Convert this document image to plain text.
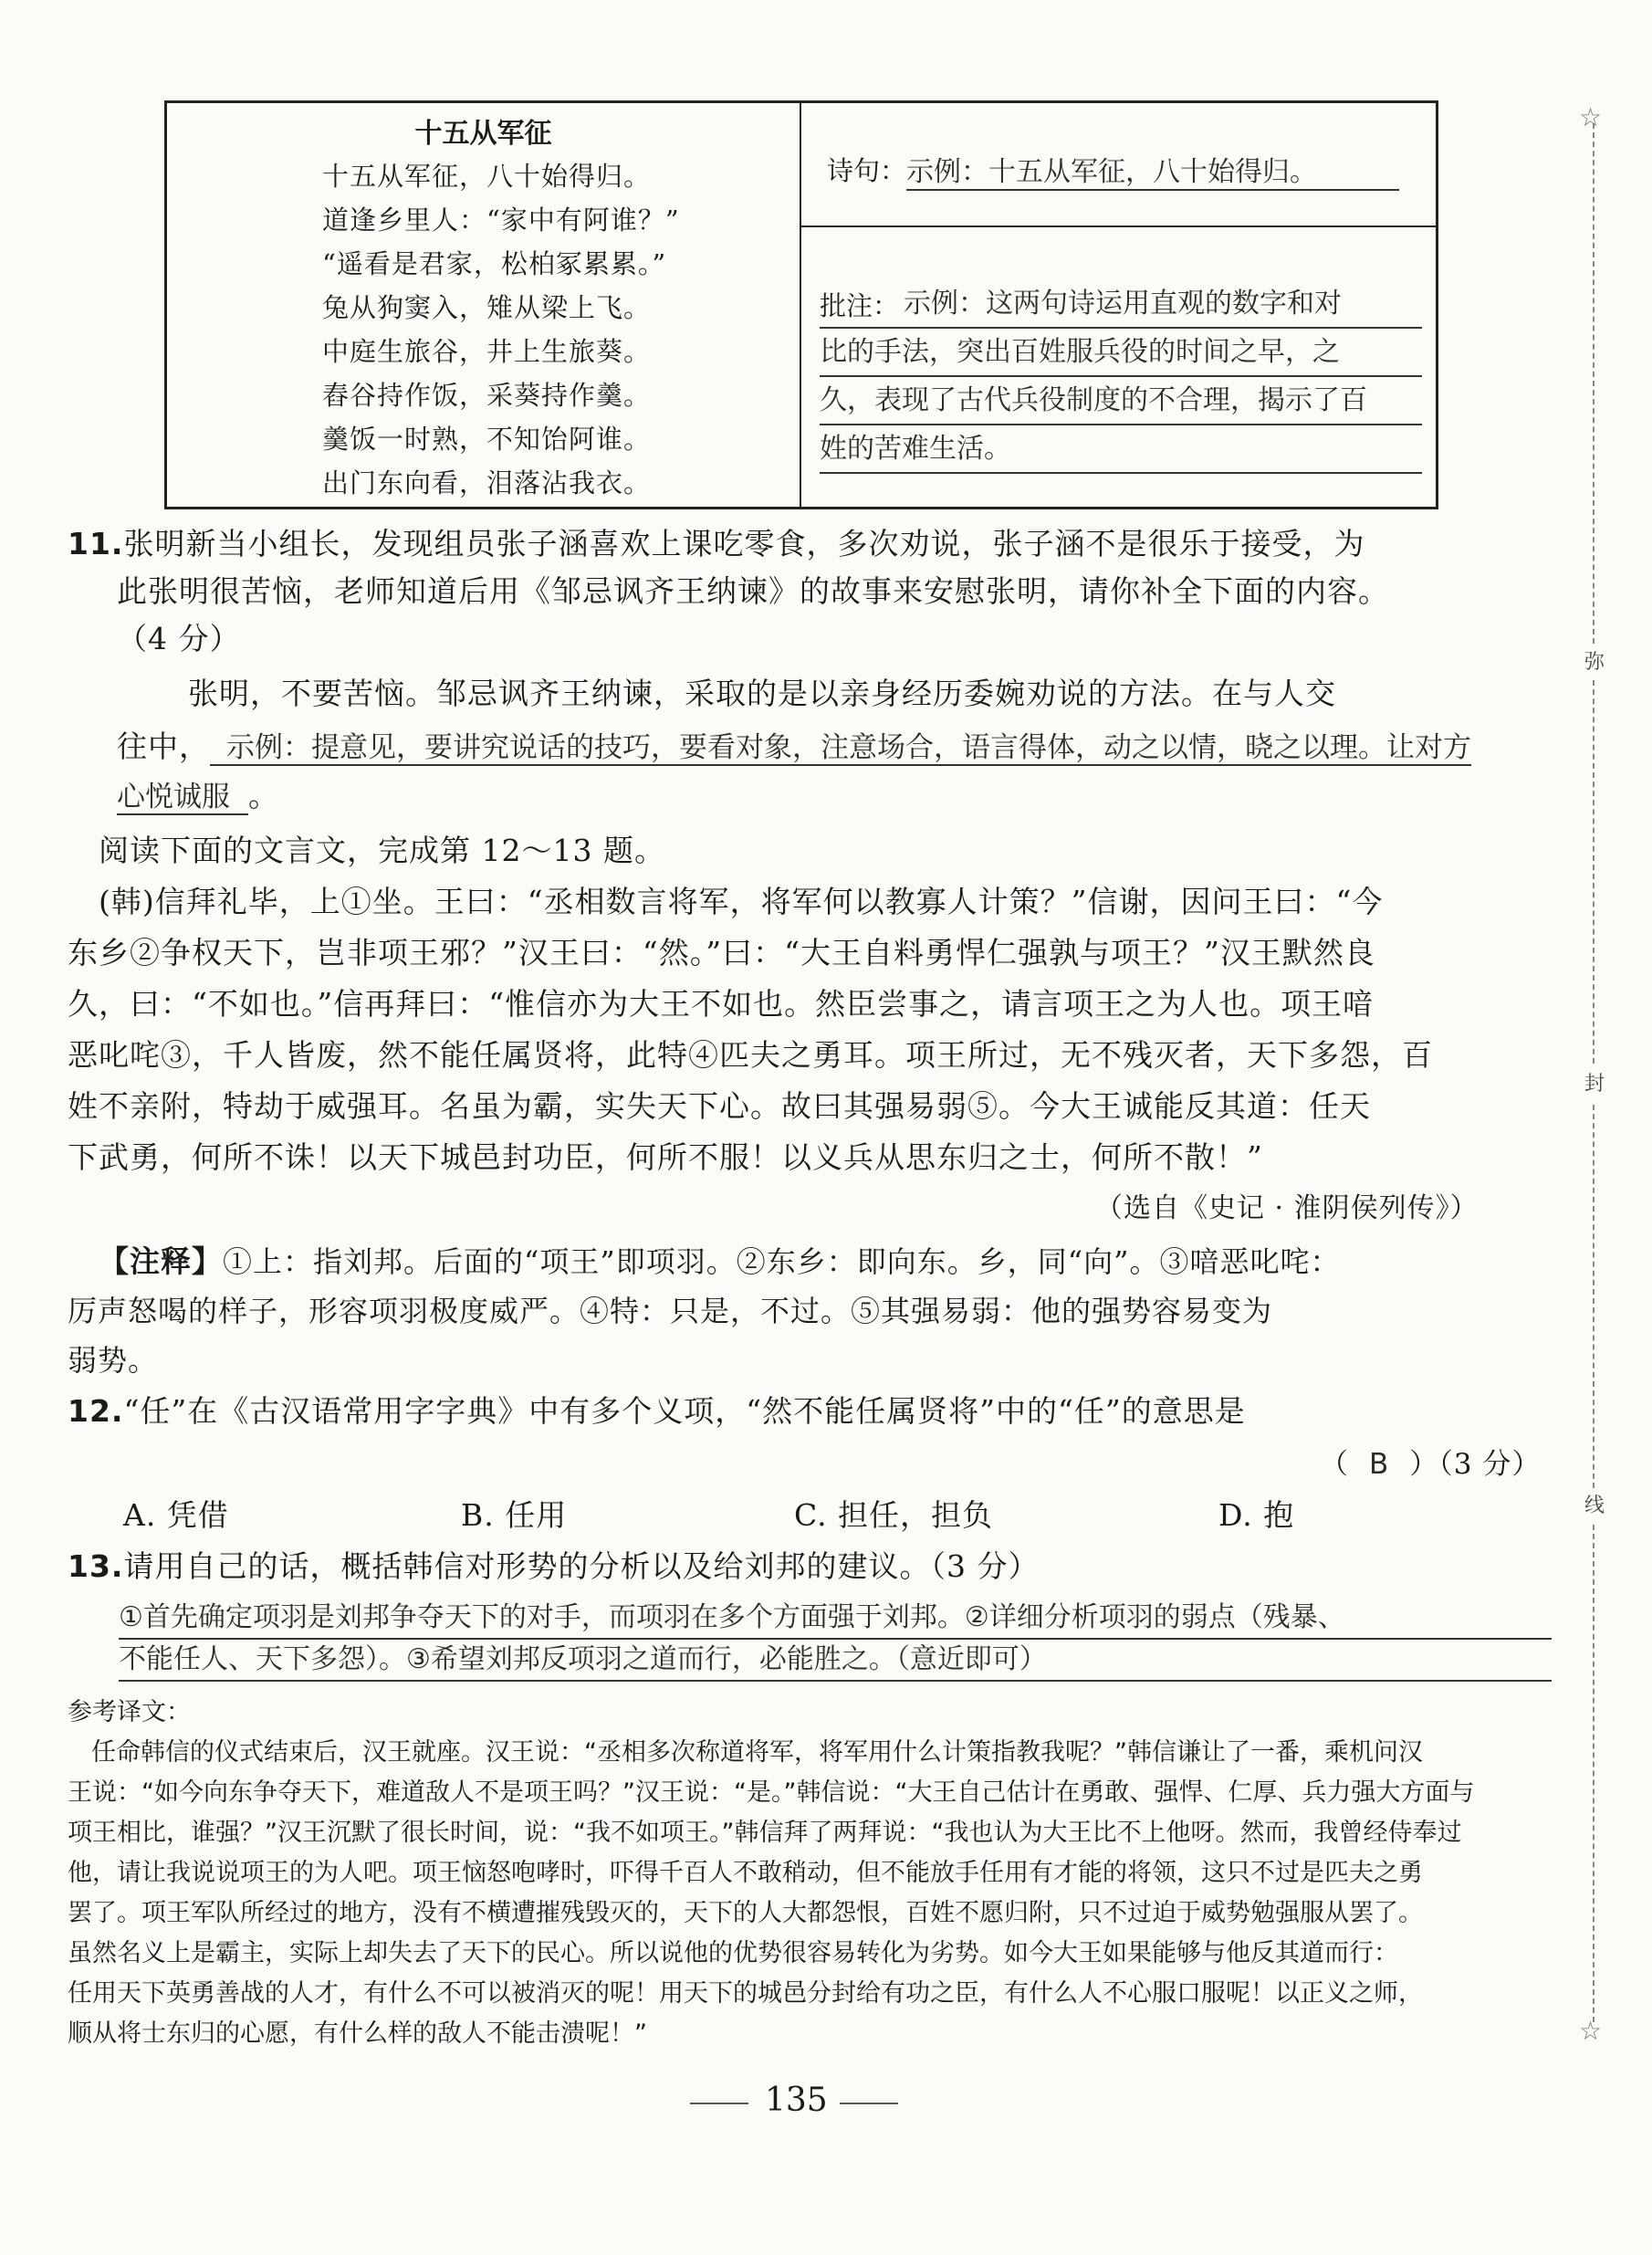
☆
☆
弥
封
线
十五从军征
十五从军征，八十始得归。
道逢乡里人：“家中有阿谁？”
“遥看是君家，松柏冢累累。”
兔从狗窦入，雉从梁上飞。
中庭生旅谷，井上生旅葵。
舂谷持作饭，采葵持作羹。
羹饭一时熟，不知饴阿谁。
出门东向看，泪落沾我衣。
诗句： 示例：十五从军征，八十始得归。
批注： 示例：这两句诗运用直观的数字和对
比的手法，突出百姓服兵役的时间之早，之
久，表现了古代兵役制度的不合理，揭示了百
姓的苦难生活。
11.张明新当小组长，发现组员张子涵喜欢上课吃零食，多次劝说，张子涵不是很乐于接受，为
此张明很苦恼，老师知道后用《邹忌讽齐王纳谏》的故事来安慰张明，请你补全下面的内容。
（4 分）
张明，不要苦恼。邹忌讽齐王纳谏，采取的是以亲身经历委婉劝说的方法。在与人交
往中， 示例：提意见，要讲究说话的技巧，要看对象，注意场合，语言得体，动之以情，晓之以理。让对方
心悦诚服 。
阅读下面的文言文，完成第 12～13 题。
(韩)信拜礼毕，上①坐。王曰：“丞相数言将军，将军何以教寡人计策？”信谢，因问王曰：“今
东乡②争权天下，岂非项王邪？”汉王曰：“然。”曰：“大王自料勇悍仁强孰与项王？”汉王默然良
久，曰：“不如也。”信再拜曰：“惟信亦为大王不如也。然臣尝事之，请言项王之为人也。项王喑
恶叱咤③，千人皆废，然不能任属贤将，此特④匹夫之勇耳。项王所过，无不残灭者，天下多怨，百
姓不亲附，特劫于威强耳。名虽为霸，实失天下心。故曰其强易弱⑤。今大王诚能反其道：任天
下武勇，何所不诛！以天下城邑封功臣，何所不服！以义兵从思东归之士，何所不散！”
（选自《史记 · 淮阴侯列传》）
【注释】①上：指刘邦。后面的“项王”即项羽。②东乡：即向东。乡，同“向”。③喑恶叱咤：
厉声怒喝的样子，形容项羽极度威严。④特：只是，不过。⑤其强易弱：他的强势容易变为
弱势。
12.“任”在《古汉语常用字字典》中有多个义项，“然不能任属贤将”中的“任”的意思是
（ B ）（3 分）
A. 凭借	B. 任用	C. 担任，担负	D. 抱
13.请用自己的话，概括韩信对形势的分析以及给刘邦的建议。（3 分）
①首先确定项羽是刘邦争夺天下的对手，而项羽在多个方面强于刘邦。②详细分析项羽的弱点（残暴、
不能任人、天下多怨）。③希望刘邦反项羽之道而行，必能胜之。（意近即可）
参考译文：
任命韩信的仪式结束后，汉王就座。汉王说：“丞相多次称道将军，将军用什么计策指教我呢？”韩信谦让了一番，乘机问汉
王说：“如今向东争夺天下，难道敌人不是项王吗？”汉王说：“是。”韩信说：“大王自己估计在勇敢、强悍、仁厚、兵力强大方面与
项王相比，谁强？”汉王沉默了很长时间，说：“我不如项王。”韩信拜了两拜说：“我也认为大王比不上他呀。然而，我曾经侍奉过
他，请让我说说项王的为人吧。项王恼怒咆哮时，吓得千百人不敢稍动，但不能放手任用有才能的将领，这只不过是匹夫之勇
罢了。项王军队所经过的地方，没有不横遭摧残毁灭的，天下的人大都怨恨，百姓不愿归附，只不过迫于威势勉强服从罢了。
虽然名义上是霸主，实际上却失去了天下的民心。所以说他的优势很容易转化为劣势。如今大王如果能够与他反其道而行：
任用天下英勇善战的人才，有什么不可以被消灭的呢！用天下的城邑分封给有功之臣，有什么人不心服口服呢！以正义之师，
顺从将士东归的心愿，有什么样的敌人不能击溃呢！”
135
